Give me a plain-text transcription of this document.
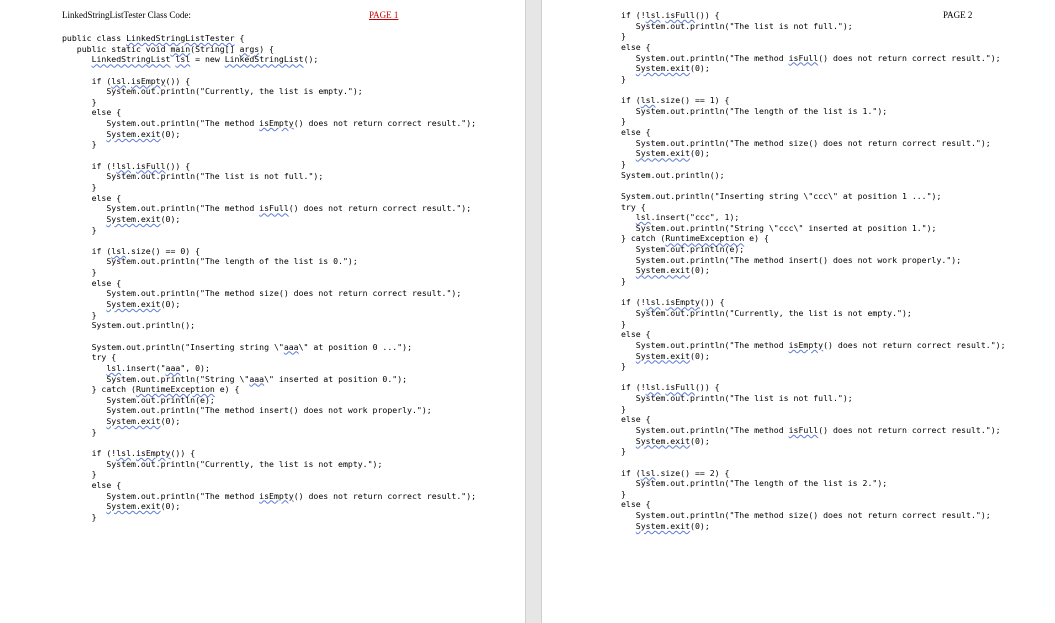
LinkedStringListTester Class Code:	PAGE 1
public class LinkedStringListTester {
public static void main(String[] args) {
LinkedStringList lsl = new LinkedStringList();

if (lsl.isEmpty()) {
System.out.println("Currently, the list is empty.");
}
else {
System.out.println("The method isEmpty() does not return correct result.");
System.exit(0);
}

if (!lsl.isFull()) {
System.out.println("The list is not full.");
}
else {
System.out.println("The method isFull() does not return correct result.");
System.exit(0);
}

if (lsl.size() == 0) {
System.out.println("The length of the list is 0.");
}
else {
System.out.println("The method size() does not return correct result.");
System.exit(0);
}
System.out.println();

System.out.println("Inserting string \"aaa\" at position 0 ...");
try {
lsl.insert("aaa", 0);
System.out.println("String \"aaa\" inserted at position 0.");
} catch (RuntimeException e) {
System.out.println(e);
System.out.println("The method insert() does not work properly.");
System.exit(0);
}

if (!lsl.isEmpty()) {
System.out.println("Currently, the list is not empty.");
}
else {
System.out.println("The method isEmpty() does not return correct result.");
System.exit(0);
}
PAGE 2
if (!lsl.isFull()) {
System.out.println("The list is not full.");
}
else {
System.out.println("The method isFull() does not return correct result.");
System.exit(0);
}

if (lsl.size() == 1) {
System.out.println("The length of the list is 1.");
}
else {
System.out.println("The method size() does not return correct result.");
System.exit(0);
}
System.out.println();

System.out.println("Inserting string \"ccc\" at position 1 ...");
try {
lsl.insert("ccc", 1);
System.out.println("String \"ccc\" inserted at position 1.");
} catch (RuntimeException e) {
System.out.println(e);
System.out.println("The method insert() does not work properly.");
System.exit(0);
}

if (!lsl.isEmpty()) {
System.out.println("Currently, the list is not empty.");
}
else {
System.out.println("The method isEmpty() does not return correct result.");
System.exit(0);
}

if (!lsl.isFull()) {
System.out.println("The list is not full.");
}
else {
System.out.println("The method isFull() does not return correct result.");
System.exit(0);
}

if (lsl.size() == 2) {
System.out.println("The length of the list is 2.");
}
else {
System.out.println("The method size() does not return correct result.");
System.exit(0);
